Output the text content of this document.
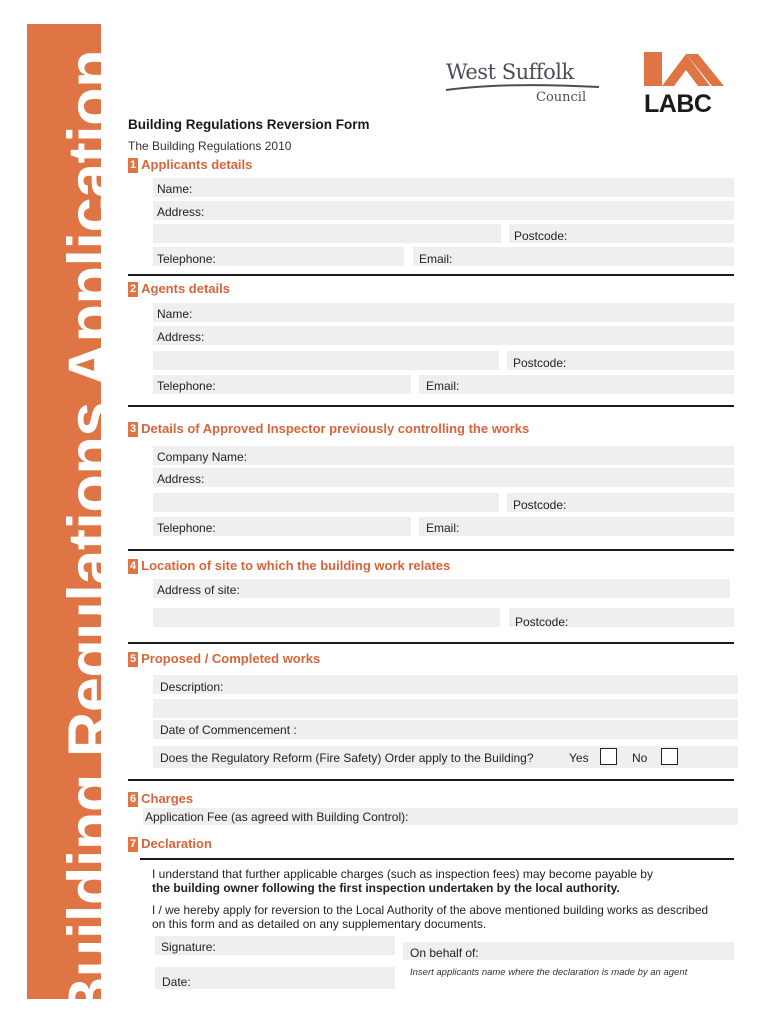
Building Regulations Application	West Suffolk
Council LABC
Building Regulations Reversion Form
The Building Regulations 2010
1 Applicants details
Name:
Address:
Postcode:
Telephone:	Email:
2 Agents details
Name:
Address:
Postcode:
Telephone:	Email:
3 Details of Approved Inspector previously controlling the works
Company Name:
Address:
Postcode:
Telephone:	Email:
4 Location of site to which the building work relates
Address of site:
Postcode:
5 Proposed / Completed works
Description:
Date of Commencement :
Does the Regulatory Reform (Fire Safety) Order apply to the Building?	Yes	No
6 Charges
Application Fee (as agreed with Building Control):
7 Declaration
I understand that further applicable charges (such as inspection fees) may become payable by
the building owner following the first inspection undertaken by the local authority.
I / we hereby apply for reversion to the Local Authority of the above mentioned building works as described
on this form and as detailed on any supplementary documents.
Signature:	On behalf of:
Insert applicants name where the declaration is made by an agent
Date:
